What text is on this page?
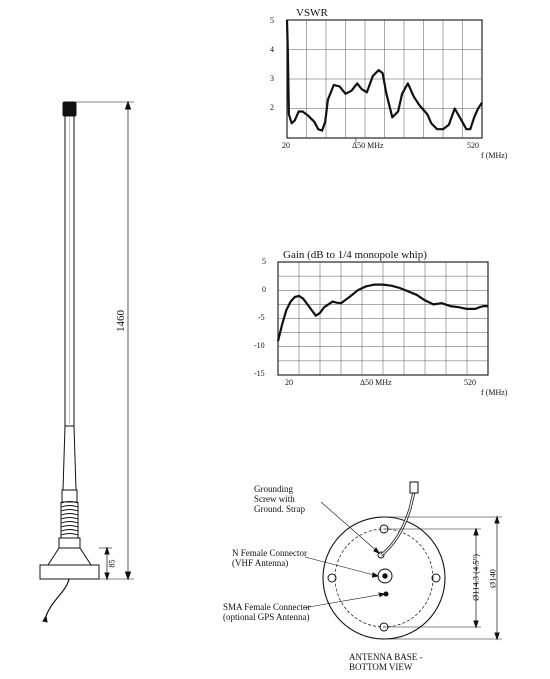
1460
85
VSWR
5
4
3
2
20	Δ50 MHz	520
f (MHz)
Gain (dB to 1/4 monopole whip)
5
0
-5
-10
-15
20	Δ50 MHz	520
f (MHz)
Grounding
Screw with
Ground. Strap
N Female Connector
(VHF Antenna)
SMA Female Connector
(optional GPS Antenna)
ANTENNA BASE -
BOTTOM VIEW
Ø114.3 (4.5") Ø140
